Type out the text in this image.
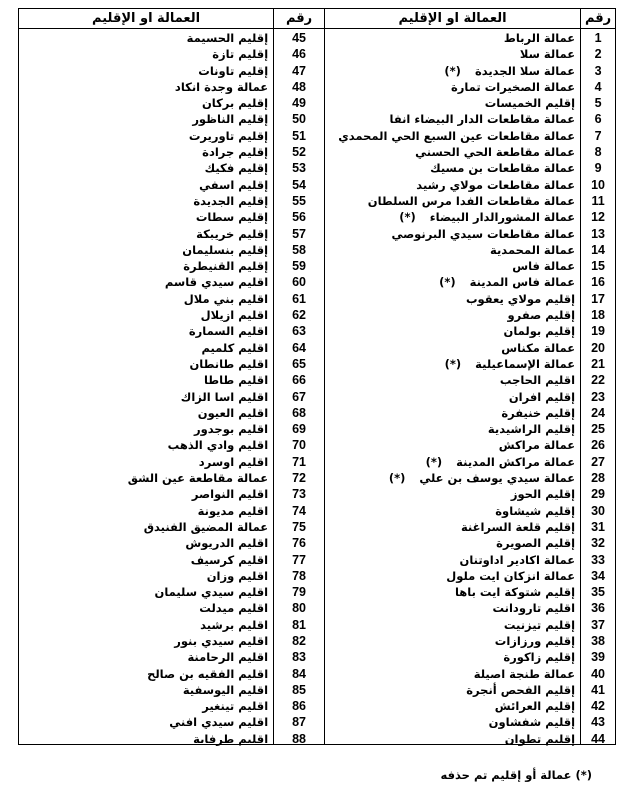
رقم
1
2
3
4
5
6
7
8
9
10
11
12
13
14
15
16
17
18
19
20
21
22
23
24
25
26
27
28
29
30
31
32
33
34
35
36
37
38
39
40
41
42
43
44
العمالة او الإقليم
عمالة الرباط
عمالة سلا
عمالة سلا الجديدة(*)
عمالة الصخيرات تمارة
إقليم الخميسات
عمالة مقاطعات الدار البيضاء انفا
عمالة مقاطعات عين السبع الحي المحمدي
عمالة مقاطعة الحي الحسني
عمالة مقاطعات بن مسيك
عمالة مقاطعات مولاي رشيد
عمالة مقاطعات الفدا مرس السلطان
عمالة المشورالدار البيضاء(*)
عمالة مقاطعات سيدي البرنوصي
عمالة المحمدية
عمالة فاس
عمالة فاس المدينة(*)
إقليم مولاي يعقوب
إقليم صفرو
إقليم بولمان
عمالة مكناس
عمالة الإسماعيلية(*)
اقليم الحاجب
إقليم افران
إقليم خنيفرة
إقليم الراشيدية
عمالة مراكش
عمالة مراكش المدينة(*)
عمالة سيدي يوسف بن علي(*)
إقليم الحوز
إقليم شيشاوة
إقليم قلعة السراغنة
إقليم الصويرة
عمالة اكادير اداوتنان
عمالة انزكان ايت ملول
إقليم شتوكة ايت باها
اقليم تارودانت
إقليم تيزنيت
إقليم ورزازات
إقليم زاكورة
عمالة طنجة اصيلة
إقليم الفحص أنجرة
إقليم العرائش
إقليم شفشاون
إقليم تطوان
رقم
45
46
47
48
49
50
51
52
53
54
55
56
57
58
59
60
61
62
63
64
65
66
67
68
69
70
71
72
73
74
75
76
77
78
79
80
81
82
83
84
85
86
87
88
العمالة او الإقليم
إقليم الحسيمة
إقليم تازة
إقليم تاونات
عمالة وجدة انكاد
إقليم بركان
إقليم الناظور
إقليم تاوريرت
إقليم جرادة
إقليم فكيك
إقليم اسفي
إقليم الجديدة
إقليم سطات
إقليم خريبكة
إقليم بنسليمان
إقليم القنيطرة
اقليم سيدي قاسم
اقليم بني ملال
اقليم ازيلال
اقليم السمارة
اقليم كلميم
اقليم طانطان
اقليم طاطا
اقليم اسا الزاك
اقليم العيون
اقليم بوجدور
اقليم وادي الذهب
اقليم اوسرد
عمالة مقاطعة عين الشق
اقليم النواصر
اقليم مديونة
عمالة المضيق الفنيدق
اقليم الدريوش
اقليم كرسيف
اقليم وزان
اقليم سيدي سليمان
اقليم ميدلت
اقليم برشيد
اقليم سيدي بنور
اقليم الرحامنة
اقليم الفقيه بن صالح
اقليم اليوسفية
اقليم تينغير
اقليم سيدي افني
اقليم طرفاية
(*) عمالة أو إقليم تم حذفه
